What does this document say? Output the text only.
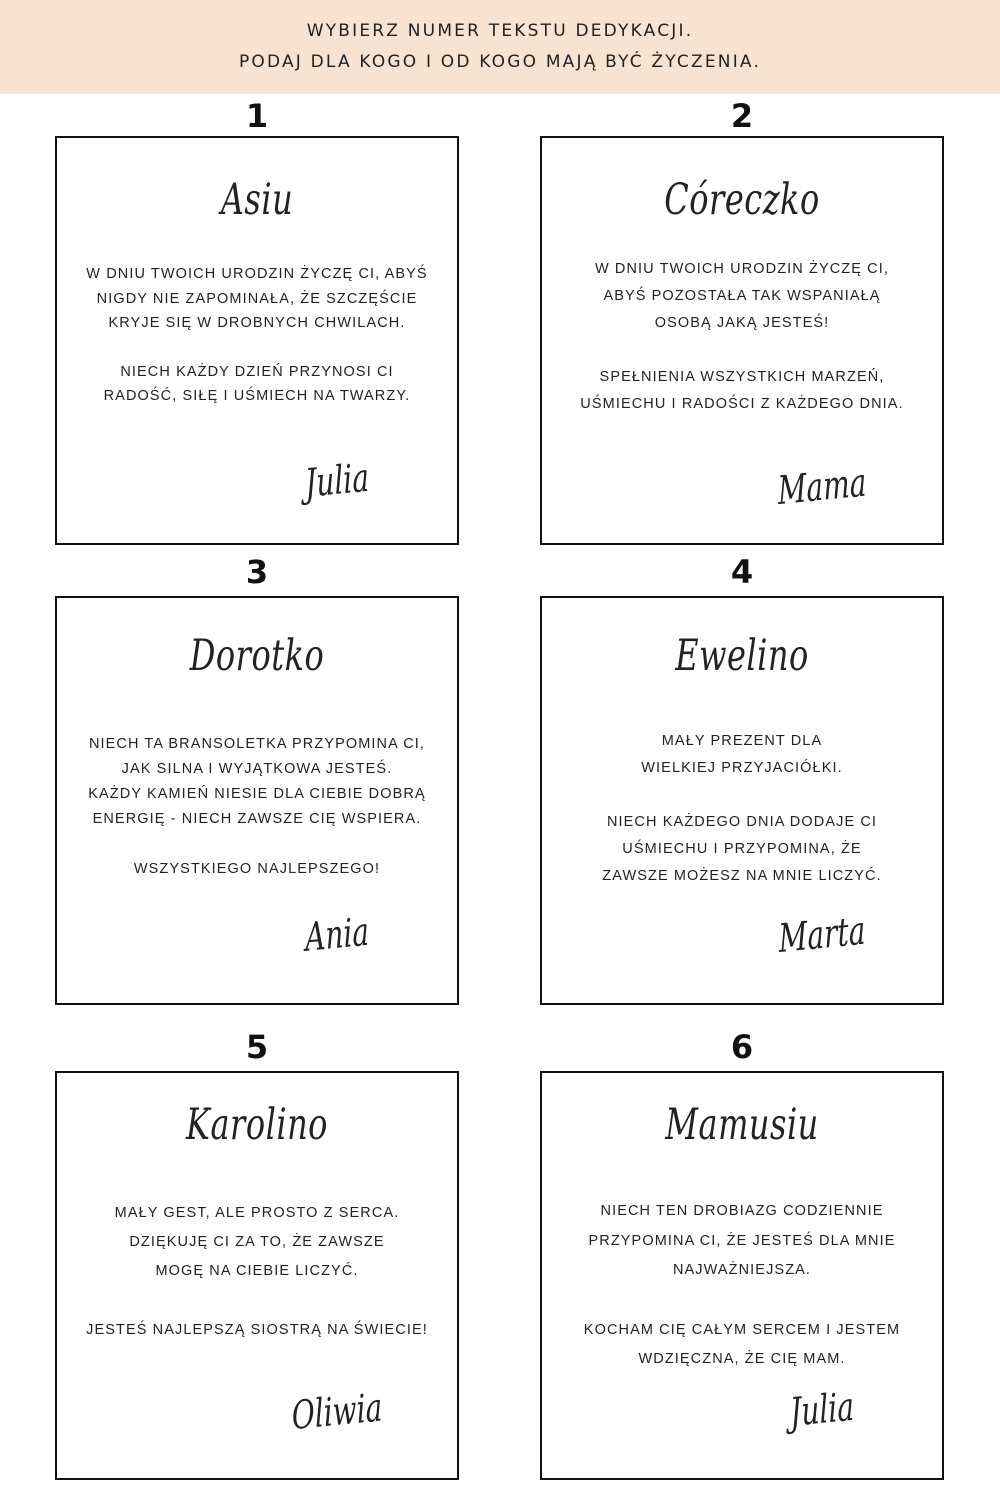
WYBIERZ NUMER TEKSTU DEDYKACJI.
PODAJ DLA KOGO I OD KOGO MAJĄ BYĆ ŻYCZENIA.
1
Asiu
W DNIU TWOICH URODZIN ŻYCZĘ CI, ABYŚ
NIGDY NIE ZAPOMINAŁA, ŻE SZCZĘŚCIE
KRYJE SIĘ W DROBNYCH CHWILACH.
NIECH KAŻDY DZIEŃ PRZYNOSI CI
RADOŚĆ, SIŁĘ I UŚMIECH NA TWARZY.
Julia
2
Córeczko
W DNIU TWOICH URODZIN ŻYCZĘ CI,
ABYŚ POZOSTAŁA TAK WSPANIAŁĄ
OSOBĄ JAKĄ JESTEŚ!
SPEŁNIENIA WSZYSTKICH MARZEŃ,
UŚMIECHU I RADOŚCI Z KAŻDEGO DNIA.
Mama
3
Dorotko
NIECH TA BRANSOLETKA PRZYPOMINA CI,
JAK SILNA I WYJĄTKOWA JESTEŚ.
KAŻDY KAMIEŃ NIESIE DLA CIEBIE DOBRĄ
ENERGIĘ - NIECH ZAWSZE CIĘ WSPIERA.
WSZYSTKIEGO NAJLEPSZEGO!
Ania
4
Ewelino
MAŁY PREZENT DLA
WIELKIEJ PRZYJACIÓŁKI.
NIECH KAŻDEGO DNIA DODAJE CI
UŚMIECHU I PRZYPOMINA, ŻE
ZAWSZE MOŻESZ NA MNIE LICZYĆ.
Marta
5
Karolino
MAŁY GEST, ALE PROSTO Z SERCA.
DZIĘKUJĘ CI ZA TO, ŻE ZAWSZE
MOGĘ NA CIEBIE LICZYĆ.
JESTEŚ NAJLEPSZĄ SIOSTRĄ NA ŚWIECIE!
Oliwia
6
Mamusiu
NIECH TEN DROBIAZG CODZIENNIE
PRZYPOMINA CI, ŻE JESTEŚ DLA MNIE
NAJWAŻNIEJSZA.
KOCHAM CIĘ CAŁYM SERCEM I JESTEM
WDZIĘCZNA, ŻE CIĘ MAM.
Julia
